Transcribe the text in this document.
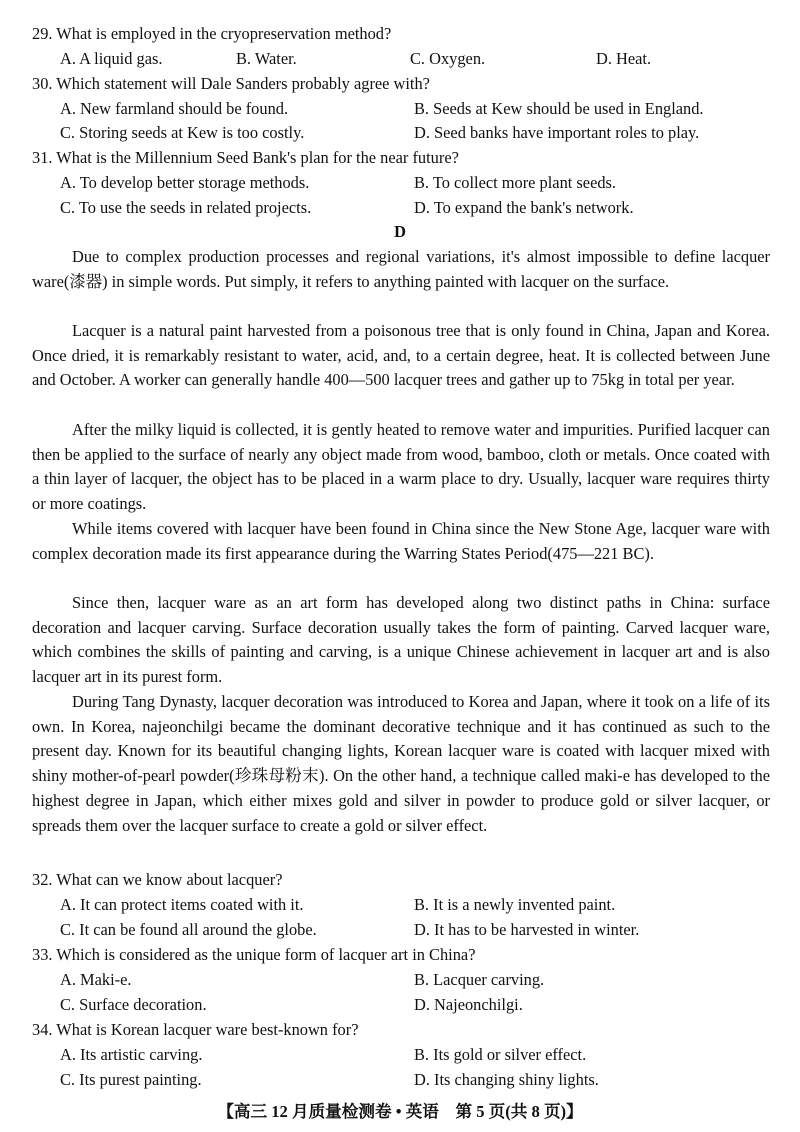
29. What is employed in the cryopreservation method?
A. A liquid gas.	B. Water.	C. Oxygen.	D. Heat.
30. Which statement will Dale Sanders probably agree with?
A. New farmland should be found.	B. Seeds at Kew should be used in England.
C. Storing seeds at Kew is too costly.	D. Seed banks have important roles to play.
31. What is the Millennium Seed Bank's plan for the near future?
A. To develop better storage methods.	B. To collect more plant seeds.
C. To use the seeds in related projects.	D. To expand the bank's network.
D
Due to complex production processes and regional variations, it's almost impossible to define lacquer ware(漆器) in simple words. Put simply, it refers to anything painted with lacquer on the surface.
Lacquer is a natural paint harvested from a poisonous tree that is only found in China, Japan and Korea. Once dried, it is remarkably resistant to water, acid, and, to a certain degree, heat. It is collected between June and October. A worker can generally handle 400—500 lacquer trees and gather up to 75kg in total per year.
After the milky liquid is collected, it is gently heated to remove water and impurities. Purified lacquer can then be applied to the surface of nearly any object made from wood, bamboo, cloth or metals. Once coated with a thin layer of lacquer, the object has to be placed in a warm place to dry. Usually, lacquer ware requires thirty or more coatings.
While items covered with lacquer have been found in China since the New Stone Age, lacquer ware with complex decoration made its first appearance during the Warring States Period(475—221 BC).
Since then, lacquer ware as an art form has developed along two distinct paths in China: surface decoration and lacquer carving. Surface decoration usually takes the form of painting. Carved lacquer ware, which combines the skills of painting and carving, is a unique Chinese achievement in lacquer art and is also lacquer art in its purest form.
During Tang Dynasty, lacquer decoration was introduced to Korea and Japan, where it took on a life of its own. In Korea, najeonchilgi became the dominant decorative technique and it has continued as such to the present day. Known for its beautiful changing lights, Korean lacquer ware is coated with lacquer mixed with shiny mother-of-pearl powder(珍珠母粉末). On the other hand, a technique called maki-e has developed to the highest degree in Japan, which either mixes gold and silver in powder to produce gold or silver lacquer, or spreads them over the lacquer surface to create a gold or silver effect.
32. What can we know about lacquer?
A. It can protect items coated with it.	B. It is a newly invented paint.
C. It can be found all around the globe.	D. It has to be harvested in winter.
33. Which is considered as the unique form of lacquer art in China?
A. Maki-e.	B. Lacquer carving.
C. Surface decoration.	D. Najeonchilgi.
34. What is Korean lacquer ware best-known for?
A. Its artistic carving.	B. Its gold or silver effect.
C. Its purest painting.	D. Its changing shiny lights.
【高三 12 月质量检测卷 • 英语　第 5 页(共 8 页)】
